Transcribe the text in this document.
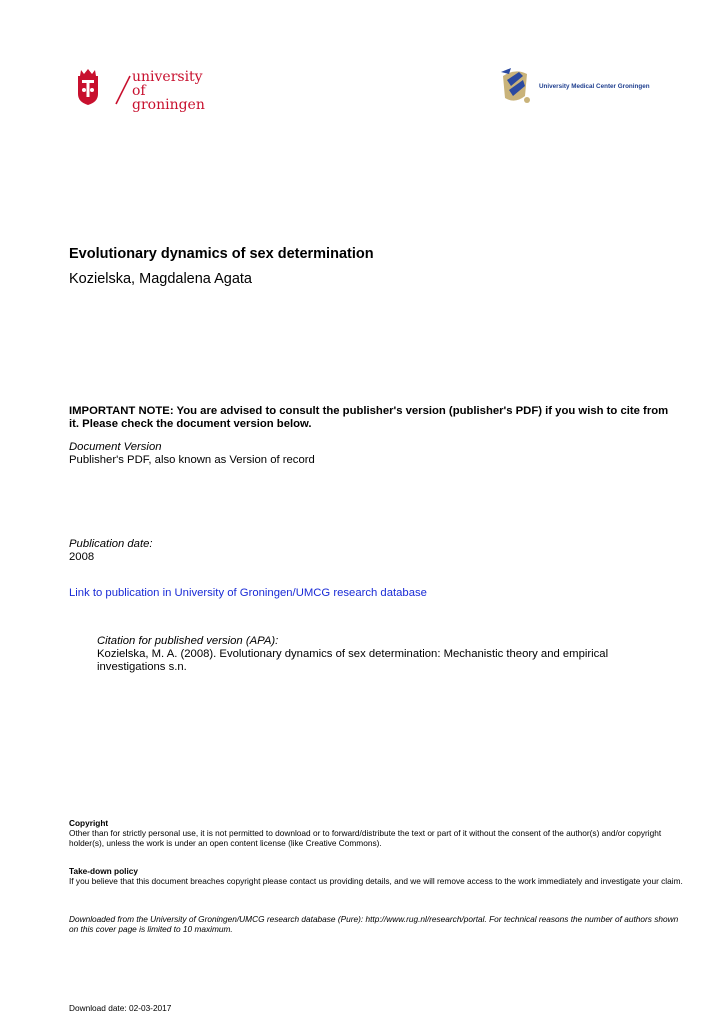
university of
groningen
University Medical Center Groningen
Evolutionary dynamics of sex determination
Kozielska, Magdalena Agata
IMPORTANT NOTE: You are advised to consult the publisher's version (publisher's PDF) if you wish to cite from it. Please check the document version below.
Document Version
Publisher's PDF, also known as Version of record
Publication date:
2008
Link to publication in University of Groningen/UMCG research database
Citation for published version (APA):
Kozielska, M. A. (2008). Evolutionary dynamics of sex determination: Mechanistic theory and empirical investigations s.n.
Copyright
Other than for strictly personal use, it is not permitted to download or to forward/distribute the text or part of it without the consent of the author(s) and/or copyright holder(s), unless the work is under an open content license (like Creative Commons).
Take-down policy
If you believe that this document breaches copyright please contact us providing details, and we will remove access to the work immediately and investigate your claim.
Downloaded from the University of Groningen/UMCG research database (Pure): http://www.rug.nl/research/portal. For technical reasons the number of authors shown on this cover page is limited to 10 maximum.
Download date: 02-03-2017
